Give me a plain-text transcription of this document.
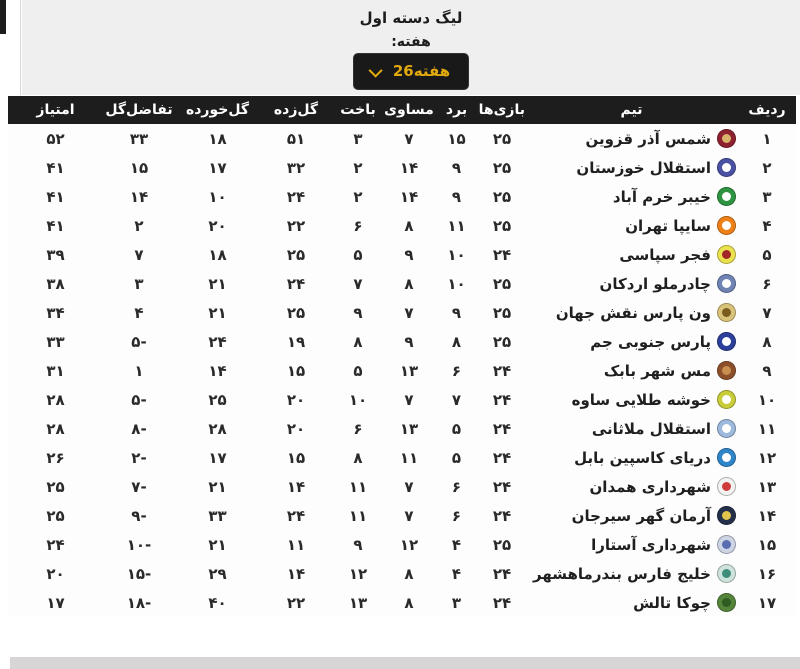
لیگ دسته اول
هفته:
هفته26
ردیف	تیم	بازی‌ها	برد	مساوی	باخت	گل‌زده	گل‌خورده	تفاضل‌گل	امتیاز
۱	شمس آذر قزوین	۲۵	۱۵	۷	۳	۵۱	۱۸	۳۳	۵۲
۲	استقلال خوزستان	۲۵	۹	۱۴	۲	۳۲	۱۷	۱۵	۴۱
۳	خیبر خرم آباد	۲۵	۹	۱۴	۲	۲۴	۱۰	۱۴	۴۱
۴	سایپا تهران	۲۵	۱۱	۸	۶	۲۲	۲۰	۲	۴۱
۵	فجر سپاسی	۲۴	۱۰	۹	۵	۲۵	۱۸	۷	۳۹
۶	چادرملو اردکان	۲۵	۱۰	۸	۷	۲۴	۲۱	۳	۳۸
۷	ون پارس نقش جهان	۲۵	۹	۷	۹	۲۵	۲۱	۴	۳۴
۸	پارس جنوبی جم	۲۵	۸	۹	۸	۱۹	۲۴	۵-	۳۳
۹	مس شهر بابک	۲۴	۶	۱۳	۵	۱۵	۱۴	۱	۳۱
۱۰	خوشه طلایی ساوه	۲۴	۷	۷	۱۰	۲۰	۲۵	۵-	۲۸
۱۱	استقلال ملاثانی	۲۴	۵	۱۳	۶	۲۰	۲۸	۸-	۲۸
۱۲	دریای کاسپین بابل	۲۴	۵	۱۱	۸	۱۵	۱۷	۲-	۲۶
۱۳	شهرداری همدان	۲۴	۶	۷	۱۱	۱۴	۲۱	۷-	۲۵
۱۴	آرمان گهر سیرجان	۲۴	۶	۷	۱۱	۲۴	۳۳	۹-	۲۵
۱۵	شهرداری آستارا	۲۵	۴	۱۲	۹	۱۱	۲۱	۱۰-	۲۴
۱۶	خلیج فارس بندرماهشهر	۲۴	۴	۸	۱۲	۱۴	۲۹	۱۵-	۲۰
۱۷	چوکا تالش	۲۴	۳	۸	۱۳	۲۲	۴۰	۱۸-	۱۷
